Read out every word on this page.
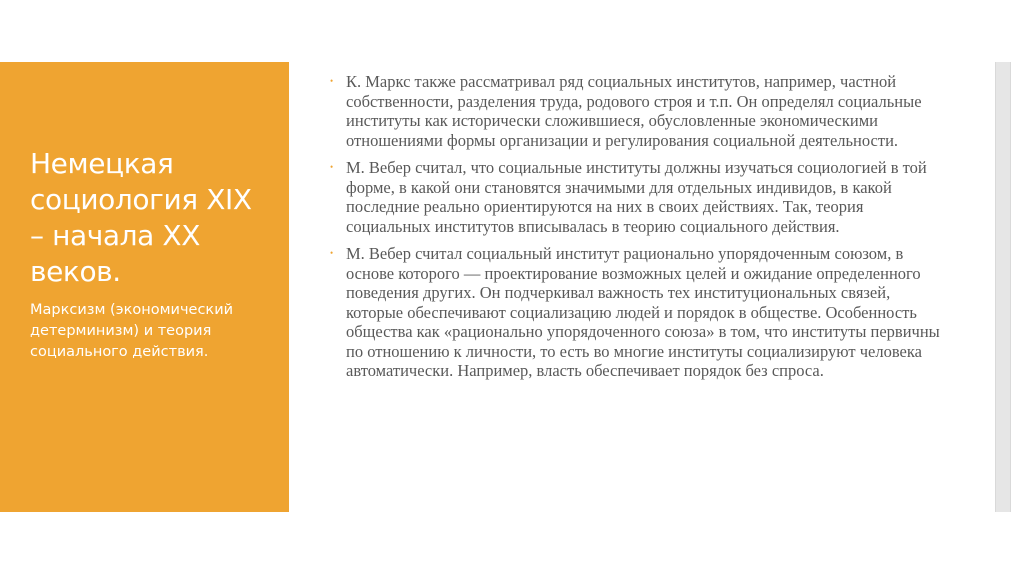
Немецкая социология XIX – начала XX веков.

Марксизм (экономический детерминизм) и теория социального действия.

• К. Маркс также рассматривал ряд социальных институтов, например, частной собственности, разделения труда, родового строя и т.п. Он определял социальные институты как исторически сложившиеся, обусловленные экономическими отношениями формы организации и регулирования социальной деятельности.
• М. Вебер считал, что социальные институты должны изучаться социологией в той форме, в какой они становятся значимыми для отдельных индивидов, в какой последние реально ориентируются на них в своих действиях. Так, теория социальных институтов вписывалась в теорию социального действия.
• М. Вебер считал социальный институт рационально упорядоченным союзом, в основе которого — проектирование возможных целей и ожидание определенного поведения других. Он подчеркивал важность тех институциональных связей, которые обеспечивают социализацию людей и порядок в обществе. Особенность общества как «рационально упорядоченного союза» в том, что институты первичны по отношению к личности, то есть во многие институты социализируют человека автоматически. Например, власть обеспечивает порядок без спроса.
